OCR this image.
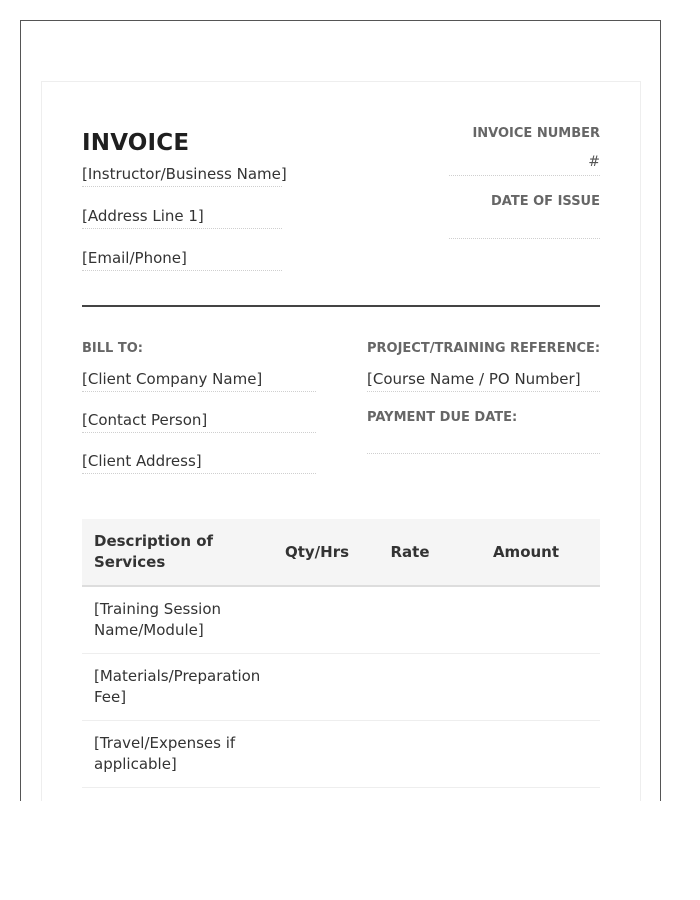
INVOICE
[Instructor/Business Name]
[Address Line 1]
[Email/Phone]
INVOICE NUMBER
#
DATE OF ISSUE
BILL TO:
[Client Company Name]
[Contact Person]
[Client Address]
PROJECT/TRAINING REFERENCE:
[Course Name / PO Number]
PAYMENT DUE DATE:
Description of Services	Qty/Hrs	Rate	Amount
[Training Session Name/Module]			
[Materials/Preparation Fee]			
[Travel/Expenses if applicable]			
